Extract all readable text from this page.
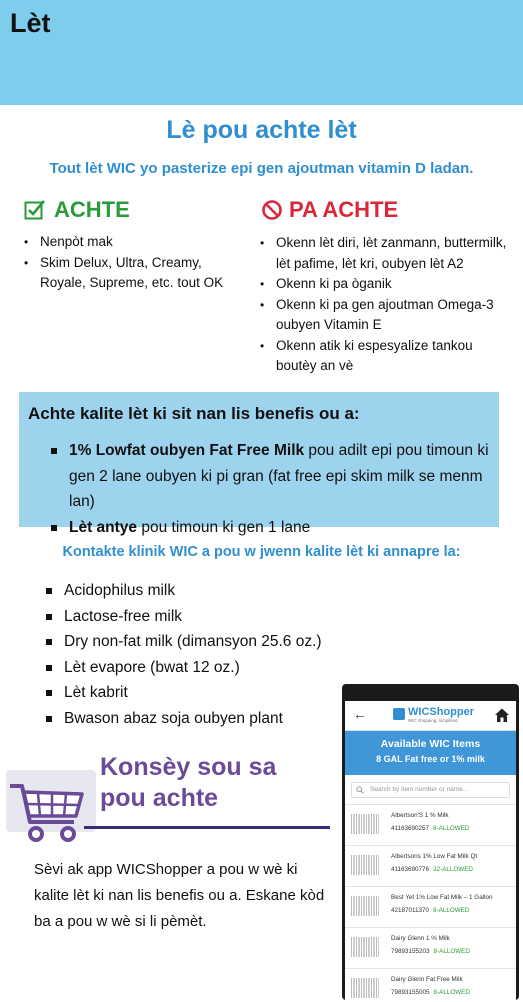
Lèt
Lè pou achte lèt
Tout lèt WIC yo pasterize epi gen ajoutman vitamin D ladan.
ACHTE
• Nenpòt mak
• Skim Delux, Ultra, Creamy, Royale, Supreme, etc. tout OK
PA ACHTE
• Okenn lèt diri, lèt zanmann, buttermilk, lèt pafime, lèt kri, oubyen lèt A2
• Okenn ki pa òganik
• Okenn ki pa gen ajoutman Omega-3 oubyen Vitamin E
• Okenn atik ki espesyalize tankou boutèy an vè
Achte kalite lèt ki sit nan lis benefis ou a:
1% Lowfat oubyen Fat Free Milk pou adilt epi pou timoun ki gen 2 lane oubyen ki pi gran (fat free epi skim milk se menm lan)
Lèt antye pou timoun ki gen 1 lane
Kontakte klinik WIC a pou w jwenn kalite lèt ki annapre la:
Acidophilus milk
Lactose-free milk
Dry non-fat milk (dimansyon 25.6 oz.)
Lèt evapore (bwat 12 oz.)
Lèt kabrit
Bwason abaz soja oubyen plant
Konsèy sou sa
pou achte
Sèvi ak app WICShopper a pou w wè ki kalite lèt ki nan lis benefis ou a. Eskane kòd ba a pou w wè si li pèmèt.
←	WICShopper
WIC shopping, simplified.
Available WIC Items
8 GAL Fat free or 1% milk
Search by item number or name...
Albertson'S 1 % Milk
41163690257 8-ALLOWED
Albertsons 1% Low Fat Milk Qt
41163690776 32-ALLOWED
Best Yet 1% Low Fat Milk – 1 Gallon
42187011370 8-ALLOWED
Dairy Glenn 1 % Milk
79893155203 8-ALLOWED
Dairy Glenn Fat Free Milk
79893155005 8-ALLOWED
